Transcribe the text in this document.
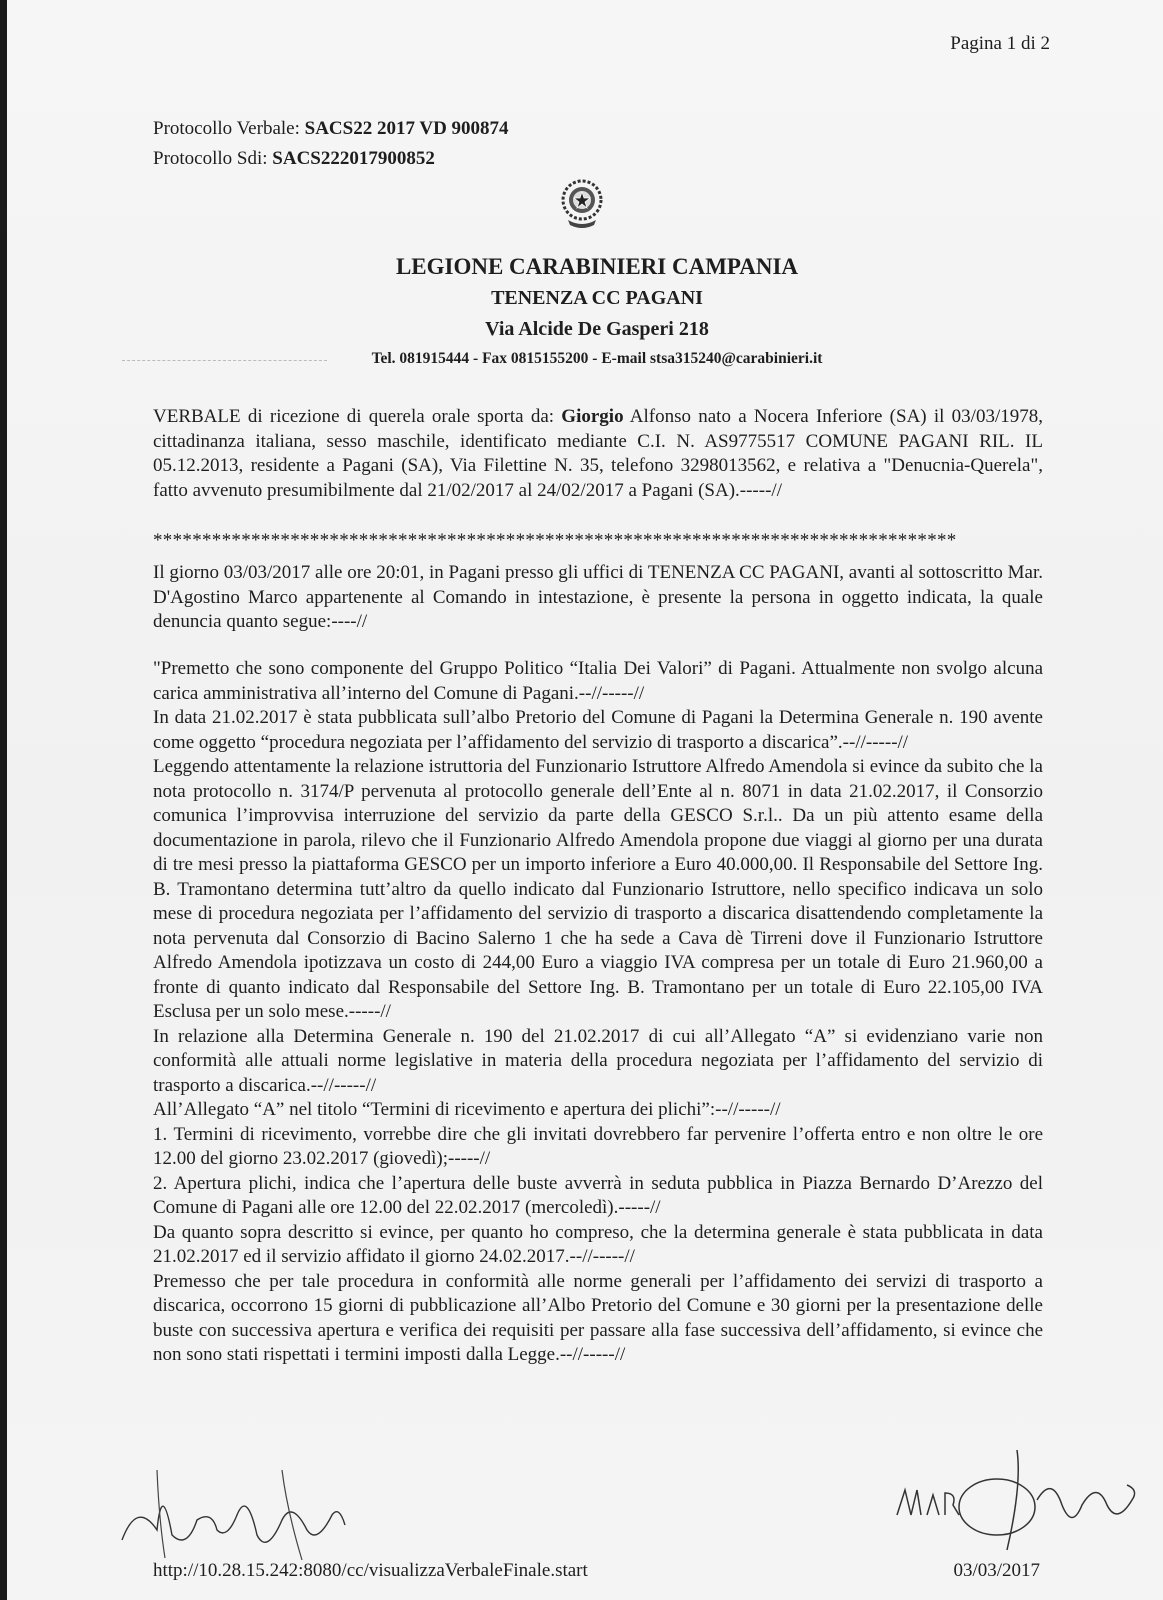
Pagina 1 di 2
Protocollo Verbale: SACS22 2017 VD 900874
Protocollo Sdi: SACS222017900852
LEGIONE CARABINIERI CAMPANIA
TENENZA CC PAGANI
Via Alcide De Gasperi 218
Tel. 081915444 - Fax 0815155200 - E-mail stsa315240@carabinieri.it

VERBALE di ricezione di querela orale sporta da: Giorgio Alfonso nato a Nocera Inferiore (SA) il 03/03/1978, cittadinanza italiana, sesso maschile, identificato mediante C.I. N. AS9775517 COMUNE PAGANI RIL. IL 05.12.2013, residente a Pagani (SA), Via Filettine N. 35, telefono 3298013562, e relativa a "Denucnia-Querela", fatto avvenuto presumibilmente dal 21/02/2017 al 24/02/2017 a Pagani (SA).-----//

**********************************************************************************

Il giorno 03/03/2017 alle ore 20:01, in Pagani presso gli uffici di TENENZA CC PAGANI, avanti al sottoscritto Mar. D'Agostino Marco appartenente al Comando in intestazione, è presente la persona in oggetto indicata, la quale denuncia quanto segue:----//

"Premetto che sono componente del Gruppo Politico “Italia Dei Valori” di Pagani. Attualmente non svolgo alcuna carica amministrativa all’interno del Comune di Pagani.--//-----//

In data 21.02.2017 è stata pubblicata sull’albo Pretorio del Comune di Pagani la Determina Generale n. 190 avente come oggetto “procedura negoziata per l’affidamento del servizio di trasporto a discarica”.--//-----//

Leggendo attentamente la relazione istruttoria del Funzionario Istruttore Alfredo Amendola si evince da subito che la nota protocollo n. 3174/P pervenuta al protocollo generale dell’Ente al n. 8071 in data 21.02.2017, il Consorzio comunica l’improvvisa interruzione del servizio da parte della GESCO S.r.l.. Da un più attento esame della documentazione in parola, rilevo che il Funzionario Alfredo Amendola propone due viaggi al giorno per una durata di tre mesi presso la piattaforma GESCO per un importo inferiore a Euro 40.000,00. Il Responsabile del Settore Ing. B. Tramontano determina tutt’altro da quello indicato dal Funzionario Istruttore, nello specifico indicava un solo mese di procedura negoziata per l’affidamento del servizio di trasporto a discarica disattendendo completamente la nota pervenuta dal Consorzio di Bacino Salerno 1 che ha sede a Cava dè Tirreni dove il Funzionario Istruttore Alfredo Amendola ipotizzava un costo di 244,00 Euro a viaggio IVA compresa per un totale di Euro 21.960,00 a fronte di quanto indicato dal Responsabile del Settore Ing. B. Tramontano per un totale di Euro 22.105,00 IVA Esclusa per un solo mese.-----//

In relazione alla Determina Generale n. 190 del 21.02.2017 di cui all’Allegato “A” si evidenziano varie non conformità alle attuali norme legislative in materia della procedura negoziata per l’affidamento del servizio di trasporto a discarica.--//-----//

All’Allegato “A” nel titolo “Termini di ricevimento e apertura dei plichi”:--//-----//

1. Termini di ricevimento, vorrebbe dire che gli invitati dovrebbero far pervenire l’offerta entro e non oltre le ore 12.00 del giorno 23.02.2017 (giovedì);-----//

2. Apertura plichi, indica che l’apertura delle buste avverrà in seduta pubblica in Piazza Bernardo D’Arezzo del Comune di Pagani alle ore 12.00 del 22.02.2017 (mercoledì).-----//

Da quanto sopra descritto si evince, per quanto ho compreso, che la determina generale è stata pubblicata in data 21.02.2017 ed il servizio affidato il giorno 24.02.2017.--//-----//

Premesso che per tale procedura in conformità alle norme generali per l’affidamento dei servizi di trasporto a discarica, occorrono 15 giorni di pubblicazione all’Albo Pretorio del Comune e 30 giorni per la presentazione delle buste con successiva apertura e verifica dei requisiti per passare alla fase successiva dell’affidamento, si evince che non sono stati rispettati i termini imposti dalla Legge.--//-----//

http://10.28.15.242:8080/cc/visualizzaVerbaleFinale.start	03/03/2017
